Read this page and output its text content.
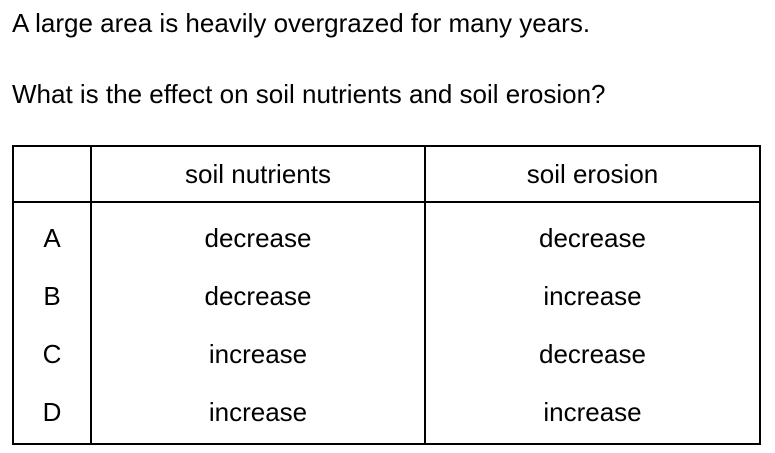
A large area is heavily overgrazed for many years.
What is the effect on soil nutrients and soil erosion?
	soil nutrients	soil erosion
A	decrease	decrease
B	decrease	increase
C	increase	decrease
D	increase	increase
